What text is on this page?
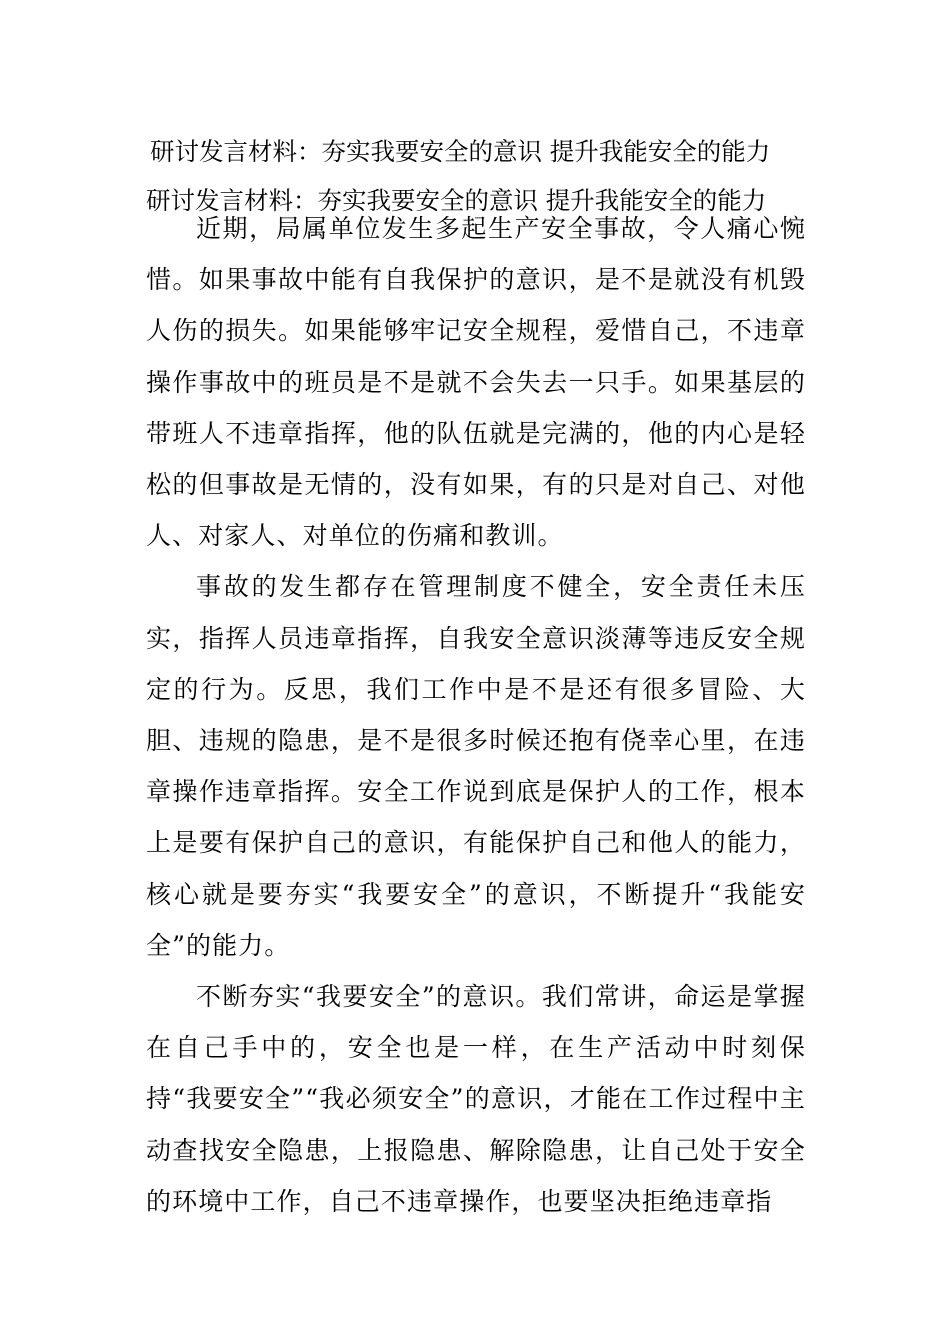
研讨发言材料：夯实我要安全的意识 提升我能安全的能力
研讨发言材料：夯实我要安全的意识 提升我能安全的能力

近期，局属单位发生多起生产安全事故，令人痛心惋惜。如果事故中能有自我保护的意识，是不是就没有机毁人伤的损失。如果能够牢记安全规程，爱惜自己，不违章操作事故中的班员是不是就不会失去一只手。如果基层的带班人不违章指挥，他的队伍就是完满的，他的内心是轻松的但事故是无情的，没有如果，有的只是对自己、对他人、对家人、对单位的伤痛和教训。

事故的发生都存在管理制度不健全，安全责任未压实，指挥人员违章指挥，自我安全意识淡薄等违反安全规定的行为。反思，我们工作中是不是还有很多冒险、大胆、违规的隐患，是不是很多时候还抱有侥幸心里，在违章操作违章指挥。安全工作说到底是保护人的工作，根本上是要有保护自己的意识，有能保护自己和他人的能力，核心就是要夯实“我要安全”的意识，不断提升“我能安全”的能力。

不断夯实“我要安全”的意识。我们常讲，命运是掌握在自己手中的，安全也是一样，在生产活动中时刻保持“我要安全”“我必须安全”的意识，才能在工作过程中主动查找安全隐患，上报隐患、解除隐患，让自己处于安全的环境中工作，自己不违章操作，也要坚决拒绝违章指
